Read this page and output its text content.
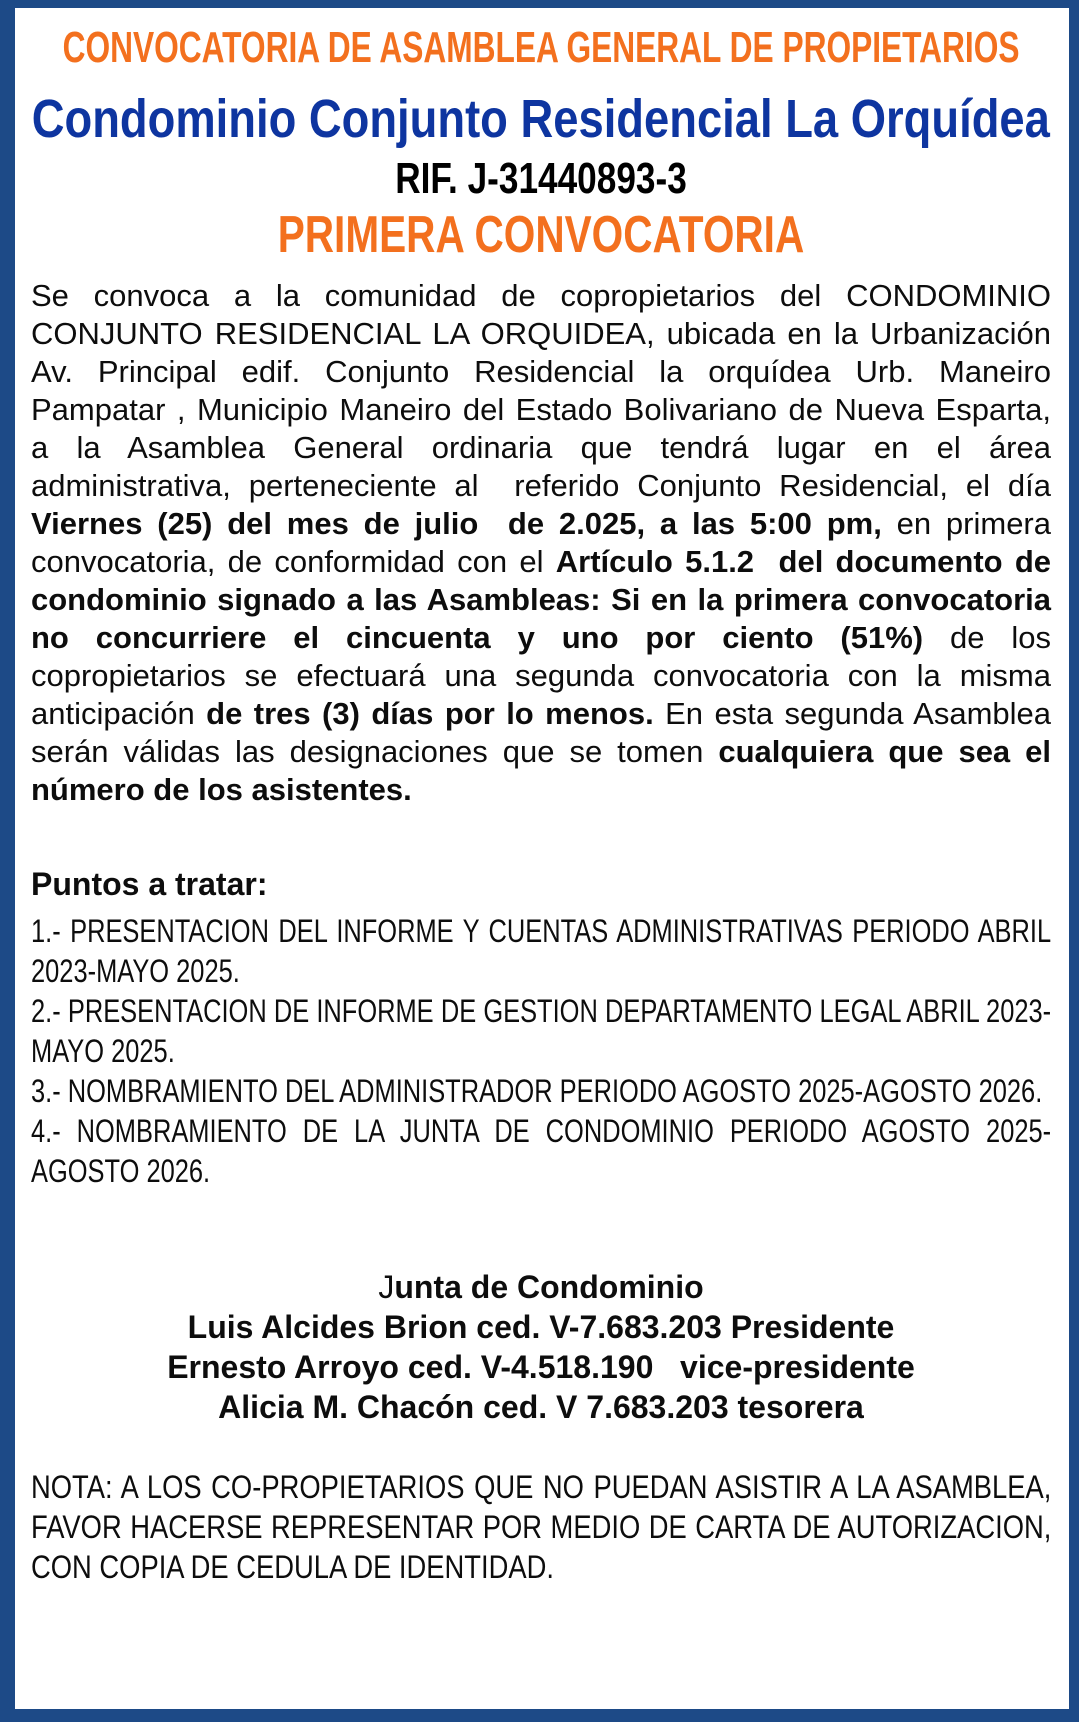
CONVOCATORIA DE ASAMBLEA GENERAL DE PROPIETARIOS
Condominio Conjunto Residencial La Orquídea
RIF. J-31440893-3
PRIMERA CONVOCATORIA

Se convoca a la comunidad de copropietarios del CONDOMINIO CONJUNTO RESIDENCIAL LA ORQUIDEA, ubicada en la Urbanización Av. Principal edif. Conjunto Residencial la orquídea Urb. Maneiro Pampatar , Municipio Maneiro del Estado Bolivariano de Nueva Esparta, a la Asamblea General ordinaria que tendrá lugar en el área administrativa, perteneciente al  referido Conjunto Residencial, el día Viernes (25) del mes de julio  de 2.025, a las 5:00 pm, en primera convocatoria, de conformidad con el Artículo 5.1.2  del documento de condominio signado a las Asambleas: Si en la primera convocatoria no concurriere el cincuenta y uno por ciento (51%) de los copropietarios se efectuará una segunda convocatoria con la misma anticipación de tres (3) días por lo menos. En esta segunda Asamblea serán válidas las designaciones que se tomen cualquiera que sea el número de los asistentes.

Puntos a tratar:
1.- PRESENTACION DEL INFORME Y CUENTAS ADMINISTRATIVAS PERIODO ABRIL 2023-MAYO 2025.
2.- PRESENTACION DE INFORME DE GESTION DEPARTAMENTO LEGAL ABRIL 2023-MAYO 2025.
3.- NOMBRAMIENTO DEL ADMINISTRADOR PERIODO AGOSTO 2025-AGOSTO 2026.
4.- NOMBRAMIENTO DE LA JUNTA DE CONDOMINIO PERIODO AGOSTO 2025-AGOSTO 2026.
Junta de Condominio
Luis Alcides Brion ced. V-7.683.203 Presidente
Ernesto Arroyo ced. V-4.518.190   vice-presidente
Alicia M. Chacón ced. V 7.683.203 tesorera

NOTA: A LOS CO-PROPIETARIOS QUE NO PUEDAN ASISTIR A LA ASAMBLEA, FAVOR HACERSE REPRESENTAR POR MEDIO DE CARTA DE AUTORIZACION, CON COPIA DE CEDULA DE IDENTIDAD.
